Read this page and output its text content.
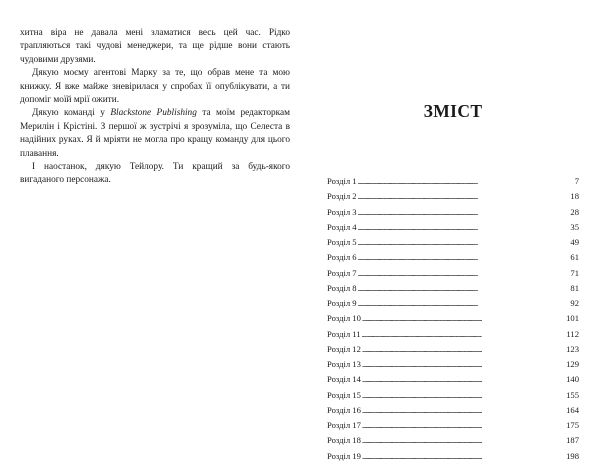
хитна віра не давала мені зламатися весь цей час. Рідко трапляються такі чудові менеджери, та ще рідше вони стають чудовими друзями.

Дякую моєму агентові Марку за те, що обрав мене та мою книжку. Я вже майже зневірилася у спробах її опублікувати, а ти допоміг моїй мрії ожити.

Дякую команді у Blackstone Publishing та моїм редакторкам Мерилін і Крістіні. З першої ж зустрічі я зрозуміла, що Селеста в надійних руках. Я й мріяти не могла про кращу команду для цього плавання.

І наостанок, дякую Тейлору. Ти кращий за будь-якого вигаданого персонажа.

ЗМІСТ
Розділ 1 . . .	7
Розділ 2 . . .	18
Розділ 3 . . .	28
Розділ 4 . . .	35
Розділ 5 . . .	49
Розділ 6 . . .	61
Розділ 7 . . .	71
Розділ 8 . . .	81
Розділ 9 . . .	92
Розділ 10 . . .	101
Розділ 11 . . .	112
Розділ 12 . . .	123
Розділ 13 . . .	129
Розділ 14 . . .	140
Розділ 15 . . .	155
Розділ 16 . . .	164
Розділ 17 . . .	175
Розділ 18 . . .	187
Розділ 19 . . .	198
